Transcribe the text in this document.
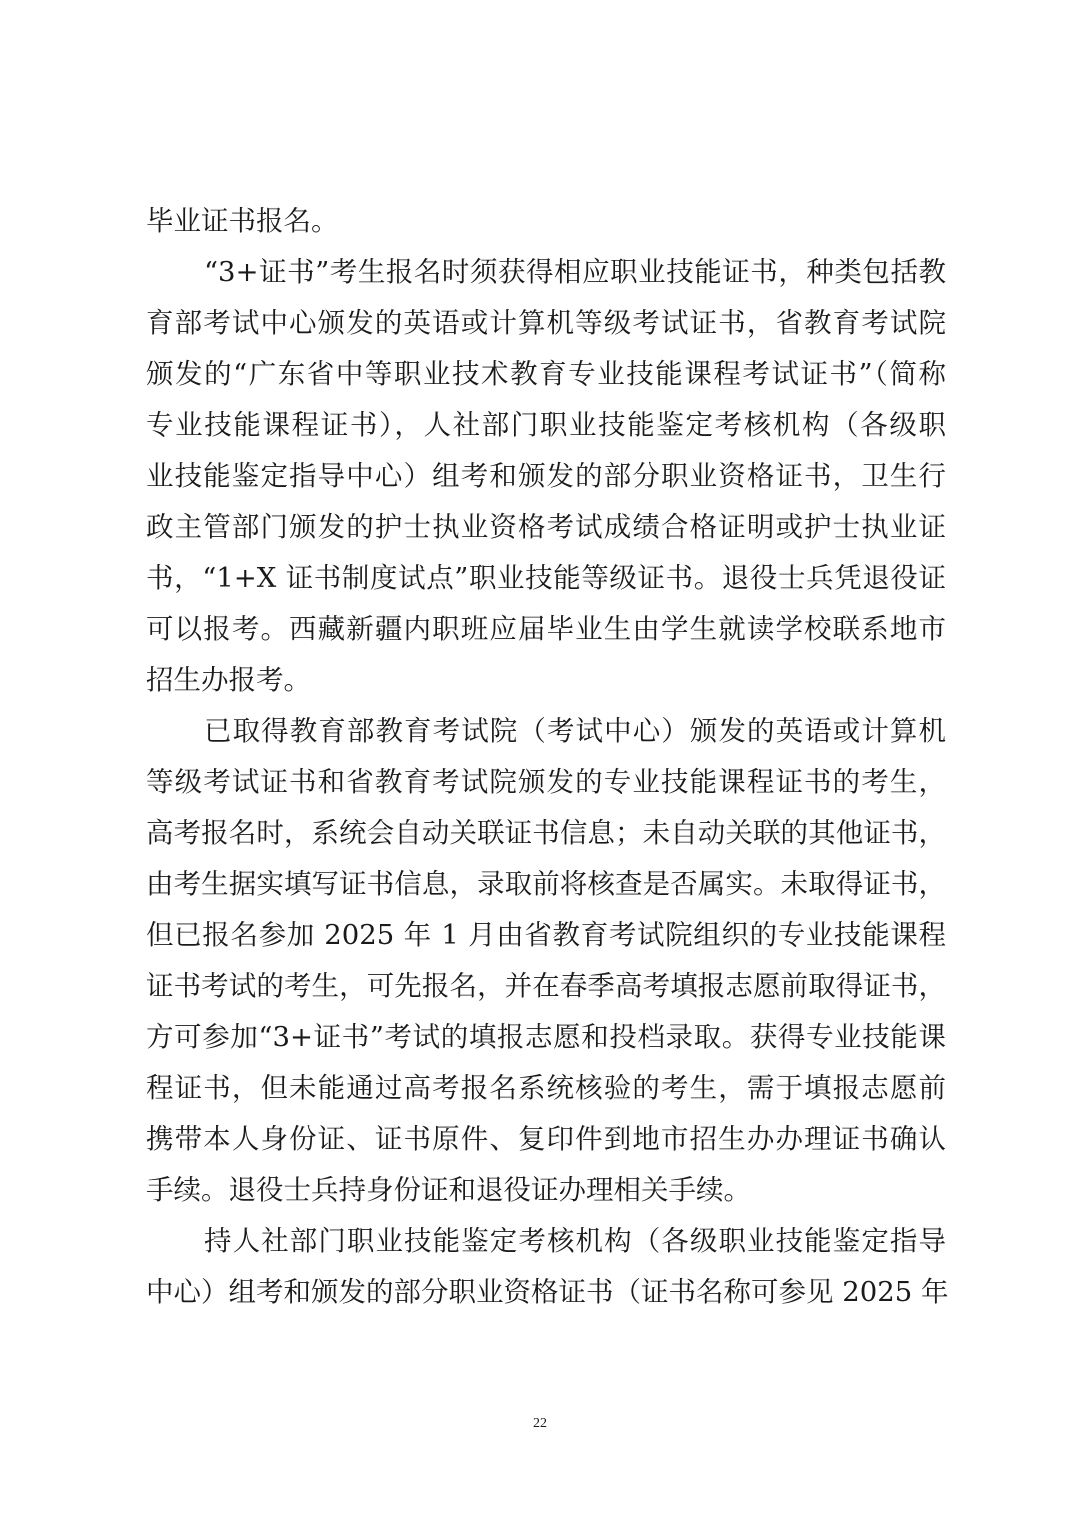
毕业证书报名。
“3+证书”考生报名时须获得相应职业技能证书，种类包括教
育部考试中心颁发的英语或计算机等级考试证书，省教育考试院
颁发的“广东省中等职业技术教育专业技能课程考试证书”（简称
专业技能课程证书），人社部门职业技能鉴定考核机构（各级职
业技能鉴定指导中心）组考和颁发的部分职业资格证书，卫生行
政主管部门颁发的护士执业资格考试成绩合格证明或护士执业证
书，“1+X 证书制度试点”职业技能等级证书。退役士兵凭退役证
可以报考。西藏新疆内职班应届毕业生由学生就读学校联系地市
招生办报考。
已取得教育部教育考试院（考试中心）颁发的英语或计算机
等级考试证书和省教育考试院颁发的专业技能课程证书的考生，
高考报名时，系统会自动关联证书信息；未自动关联的其他证书，
由考生据实填写证书信息，录取前将核查是否属实。未取得证书，
但已报名参加 2025 年 1 月由省教育考试院组织的专业技能课程
证书考试的考生，可先报名，并在春季高考填报志愿前取得证书，
方可参加“3+证书”考试的填报志愿和投档录取。获得专业技能课
程证书，但未能通过高考报名系统核验的考生，需于填报志愿前
携带本人身份证、证书原件、复印件到地市招生办办理证书确认
手续。退役士兵持身份证和退役证办理相关手续。
持人社部门职业技能鉴定考核机构（各级职业技能鉴定指导
中心）组考和颁发的部分职业资格证书（证书名称可参见 2025 年
22
